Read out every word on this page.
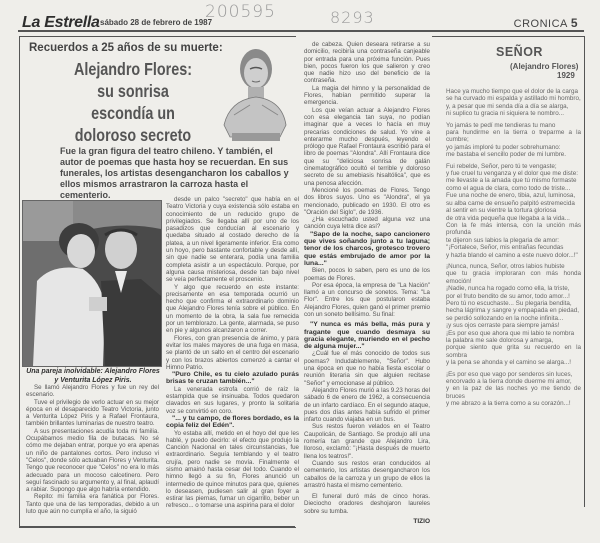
200595	8293
La Estrella sábado 28 de febrero de 1987	CRONICA 5
Recuerdos a 25 años de su muerte:
Alejandro Flores: su sonrisa escondía un doloroso secreto
Fue la gran figura del teatro chileno. Y también, el autor de poemas que hasta hoy se recuerdan. En sus funerales, los artistas desengancharon los caballos y ellos mismos arrastraron la carroza hasta el cementerio.
Una pareja inolvidable: Alejandro Flores y Venturita López Piris.

Se llamó Alejandro Flores y fue un rey del escenario.

Tuve el privilegio de verlo actuar en su mejor época en el desaparecido Teatro Victoria, junto a Venturita López Piris y a Rafael Frontaura, también brillantes luminarias de nuestro teatro.

A sus presentaciones acudía toda mi familia. Ocupábamos medio fila de butacas. No sé cómo me dejaban entrar, porque yo era apenas un niño de pantalones cortos. Pero incluso vi "Celos", donde sólo actuaban Flores y Venturita. Tengo que reconocer que "Celos" no era lo más adecuado para un mocoso calcetinero. Pero seguí fascinado su argumento y, al final, aplaudí a rabiar. Supongo que algo habría entendido.

Repito: mi familia era fanática por Flores. Tanto que una de las temporadas, debido a un luto que aún no cumplía el año, la siguió

desde un palco "secreto" que había en el Teatro Victoria y cuya existencia sólo estaba en conocimiento de un reducido grupo de privilegiados. Se llegaba allí por uno de los pasadizos que conducían al escenario y quedaba situado al costado derecho de la platea, a un nivel ligeramente inferior. Era como un hoyo, pero bastante confortable y desde allí, sin que nadie se enterara, podía una familia completa asistir a un espectáculo. Porque, por alguna causa misteriosa, desde tan bajo nivel se veía perfectamente el proscenio.

Y algo que recuerdo en este instante: precisamente en esa temporada ocurrió un hecho que confirma el extraordinario dominio que Alejandro Flores tenía sobre el público. En un momento de la obra, la sala fue remecida por un temblorazo. La gente, alarmada, se puso en pie y algunos alcanzaron a correr.

Flores, con gran presencia de ánimo, y para evitar los males mayores de una fuga en masa, se plantó de un salto en el centro del escenario y con los brazos abiertos comenzó a cantar el Himno Patrio.

"Puro Chile, es tu cielo azulado purás brisas te cruzan también..."

La venerada estrofa corrió de raíz la estampida que se insinuaba. Todos quedaron clavados en sus lugares, y pronto la solitaria voz se convirtió en coro.

"... y tu campo, de flores bordado, es la copia feliz del Edén".

Yo estaba allí, metido en el hoyo del que les hablé, y puedo decirlo: el efecto que produjo la Canción Nacional en tales circunstancias, fue extraordinario. Seguía temblando y el teatro crujía, pero nadie se movía. Finalmente el sismo amainó hasta cesar del todo. Cuando el himno llegó a su fin, Flores anunció un intermedio de quince minutos para que, quienes lo deseasen, pudiesen salir al gran foyer a estirar las piernas, fumar un cigarrillo, beber un refresco... o tomarse una aspirina para el dolor

de cabeza. Quien deseara retirarse a su domicilio, recibiría una contraseña canjeable por entrada para una próxima función. Pues bien, pocos fueron los que salieron y creo que nadie hizo uso del beneficio de la contraseña.

La magia del himno y la personalidad de Flores, habían permitido superar la emergencia.

Los que veían actuar a Alejandro Flores con esa elegancia tan suya, no podían imaginar que a veces lo hacía en muy precarias condiciones de salud. Yo vine a enterarme mucho después, leyendo el prólogo que Rafael Frontaura escribió para el libro de poemas "Alondra". Allí Frontaura dice que su "deliciosa sonrisa de galán cinematográfico ocultó el terrible y doloroso secreto de su amebiasis hisaltólica", que es una penosa afección.

Mencioné los poemas de Flores. Tengo dos libros suyos. Uno es "Alondra", el ya mencionado, publicado en 1930. El otro es "Oración del Siglo", de 1936.

¿Ha escuchado usted alguna vez una canción cuya letra dice así?

"Sapo de la noche, sapo cancionero que vives soñando junto a tu laguna; tenor de los charcos, grotesco trovero que estás embrujado de amor por la luna..."

Bien, pocos lo saben, pero es uno de los poemas de Flores.

Por esa época, la empresa de "La Nación" llamó a un concurso de sonetos. Tema: "La Flor". Entre los que postularon estaba Alejandro Flores, quien ganó el primer premio con un soneto bellísimo. Su final:

"Y nunca es más bella, más pura y fragante que cuando desmaya su gracia elegante, muriendo en el pecho de alguna mujer..."

¿Cuál fue el más conocido de todos sus poemas? Indudablemente, "Señor". Hubo una época en que no había fiesta escolar o reunión literaria sin que alguien recitase "Señor" y emocionase al público.

Alejandro Flores murió a las 9.23 horas del sábado 6 de enero de 1962, a consecuencia de un infarto cardíaco. En el segundo ataque, pues dos días antes había sufrido el primer infarto cuando viajaba en un bus.

Sus restos fueron velados en el Teatro Caupolicán, de Santiago. Se produjo allí una romería tan grande que Alejandro Lira, lloroso, exclamó: "¡Hasta después de muerto llena los teatros!".

Cuando sus restos eran conducidos al cementerio, los artistas desengancharon los caballos de la carroza y un grupo de ellos la arrastró hasta el mismo cementerio.

El funeral duró más de cinco horas. Dieciocho oradores deshojaron laureles sobre su tumba.

TIZIO
SEÑOR
(Alejandro Flores)
1929
Hace ya mucho tiempo que el dolor de la carga
se ha curvado mi espalda y astillado mi hombro,
y, a pesar que mi senda día a día se alarga,
ni suplico tu gracia ni siquiera te nombro...
Yo jamás te pedí me tendieras tu mano
para hundirme en la tierra o treparme a la cumbre;
yo jamás imploré tu poder sobrehumano:
me bastaba el sencillo poder de mi lumbre.
Fui rebelde, Señor, pero tú te vengaste;
y fue cruel tu venganza y el dolor que me diste:
me llevaste a la amada que tú mismo formaste
como el agua de clara, como todo de triste...
Fue una noche de enero, tibia, azul, luminosa,
su alba carne de ensueño palpitó estremecida
al sentir en su vientre la tortura gloriosa
de otra vida pequeña que llegaba a la vida...
Con la fe más intensa, con la unción más profunda
te dijeron sus labios la plegaria de amor:
"¡Fortalece, Señor, mis entrañas fecundas
y hazla blando el camino a este nuevo dolor...!"
¡Nunca, nunca, Señor, otros labios hubiste
que tu gracia imploraran con más honda emoción!
¡Nadie, nunca ha rogado como ella, la triste,
por el fruto bendito de su amor, todo amor...!
Pero tú no escuchaste... Su plegaria bendita,
hecha lágrima y sangre y empapada en piedad,
se perdió sollozando en la noche infinita...
¡y sus ojos cerraste para siempre jamás!
¡Es por eso que ahora que mi labio te nombra
la palabra me sale dolorosa y amarga,
porque siento que grita su recuerdo en la sombra
y la pena se ahonda y el camino se alarga...!
¡Es por eso que vago por senderos sin luces,
encorvado a la tierra donde duerme mi amor,
y en la paz de las noches yo me tiendo de bruces
y me abrazo a la tierra como a su corazón...!
